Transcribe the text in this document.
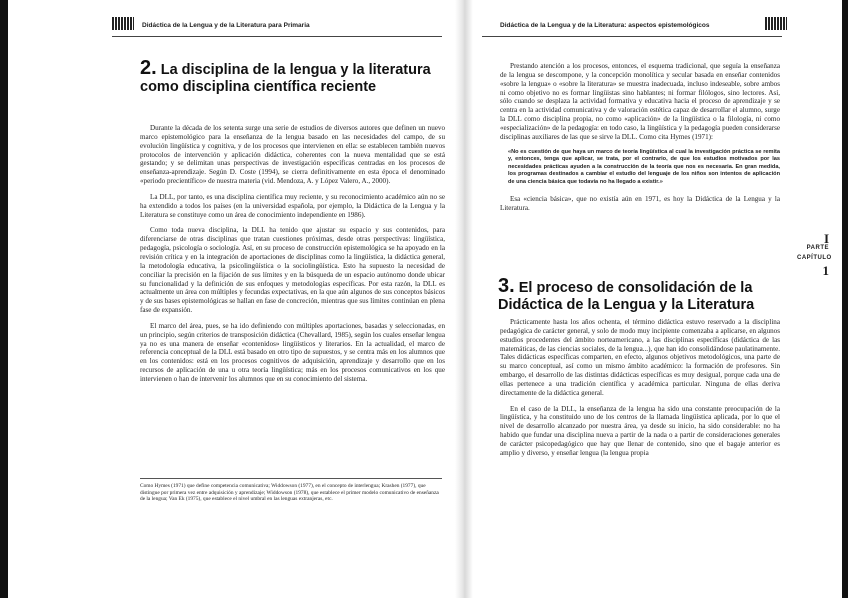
Didáctica de la Lengua y de la Literatura para Primaria
2. La disciplina de la lengua y la literatura como disciplina científica reciente

Durante la década de los setenta surge una serie de estudios de diversos autores que definen un nuevo marco epistemológico para la enseñanza de la lengua basado en las necesidades del campo, de su evolución lingüística y cognitiva, y de los procesos que intervienen en ella: se establecen también nuevos protocolos de intervención y aplicación didáctica, coherentes con la nueva mentalidad que se está gestando; y se delimitan unas perspectivas de investigación específicas centradas en los procesos de enseñanza-aprendizaje. Según D. Coste (1994), se cierra definitivamente en esta época el denominado «periodo precientífico» de nuestra materia (vid. Mendoza, A. y López Valero, A., 2000).

La DLL, por tanto, es una disciplina científica muy reciente, y su reconocimiento académico aún no se ha extendido a todos los países (en la universidad española, por ejemplo, la Didáctica de la Lengua y la Literatura se constituye como un área de conocimiento independiente en 1986).

Como toda nueva disciplina, la DLL ha tenido que ajustar su espacio y sus contenidos, para diferenciarse de otras disciplinas que tratan cuestiones próximas, desde otras perspectivas: lingüística, pedagogía, psicología o sociología. Así, en su proceso de construcción epistemológica se ha apoyado en la revisión crítica y en la integración de aportaciones de disciplinas como la lingüística, la didáctica general, la metodología educativa, la psicolingüística o la sociolingüística. Esto ha supuesto la necesidad de conciliar la precisión en la fijación de sus límites y en la búsqueda de un espacio autónomo donde ubicar su funcionalidad y la definición de sus enfoques y metodologías específicas. Por esta razón, la DLL es actualmente un área con múltiples y fecundas expectativas, en la que aún algunos de sus conceptos básicos y de sus bases epistemológicas se hallan en fase de concreción, mientras que sus límites continúan en plena fase de expansión.

El marco del área, pues, se ha ido definiendo con múltiples aportaciones, basadas y seleccionadas, en un principio, según criterios de transposición didáctica (Chevallard, 1985), según los cuales enseñar lengua ya no es una manera de enseñar «contenidos» lingüísticos y literarios. En la actualidad, el marco de referencia conceptual de la DLL está basado en otro tipo de supuestos, y se centra más en los alumnos que en los contenidos: está en los procesos cognitivos de adquisición, aprendizaje y desarrollo que en los recursos de aplicación de una u otra teoría lingüística; más en los procesos comunicativos en los que intervienen o han de intervenir los alumnos que en su conocimiento del sistema.

Como Hymes (1971) que define competencia comunicativa; Widdowson (1977), en el concepto de interlengua; Krashen (1977), que distingue por primera vez entre adquisición y aprendizaje; Widdowson (1978), que establece el primer modelo comunicativo de enseñanza de la lengua; Van Ek (1975), que establece el nivel umbral en las lenguas extranjeras, etc.
Didáctica de la Lengua y de la Literatura: aspectos epistemológicos

Prestando atención a los procesos, entonces, el esquema tradicional, que seguía la enseñanza de la lengua se descompone, y la concepción monolítica y secular basada en enseñar contenidos «sobre la lengua» o «sobre la literatura» se muestra inadecuada, incluso indeseable, sobre ambos ni como objetivo no es formar lingüistas sino hablantes; ni formar filólogos, sino lectores. Así, sólo cuando se desplaza la actividad formativa y educativa hacia el proceso de aprendizaje y se centra en la actividad comunicativa y de valoración estética capaz de desarrollar el alumno, surge la DLL como disciplina propia, no como «aplicación» de la lingüística o la filología, ni como «especialización» de la pedagogía: en todo caso, la lingüística y la pedagogía pueden considerarse disciplinas auxiliares de las que se sirve la DLL. Como cita Hymes (1971):

«No es cuestión de que haya un marco de teoría lingüística al cual la investigación práctica se remita y, entonces, tenga que aplicar, se trata, por el contrario, de que los estudios motivados por las necesidades prácticas ayuden a la construcción de la teoría que nos es necesaria. En gran medida, los programas destinados a cambiar el estudio del lenguaje de los niños son intentos de aplicación de una ciencia básica que todavía no ha llegado a existir.»

Esa «ciencia básica», que no existía aún en 1971, es hoy la Didáctica de la Lengua y la Literatura.

3. El proceso de consolidación de la Didáctica de la Lengua y la Literatura

Prácticamente hasta los años ochenta, el término didáctica estuvo reservado a la disciplina pedagógica de carácter general, y solo de modo muy incipiente comenzaba a aplicarse, en algunos estudios procedentes del ámbito norteamericano, a las disciplinas específicas (didáctica de las matemáticas, de las ciencias sociales, de la lengua...), que han ido consolidándose paulatinamente. Tales didácticas específicas comparten, en efecto, algunos objetivos metodológicos, una parte de su marco conceptual, así como un mismo ámbito académico: la formación de profesores. Sin embargo, el desarrollo de las distintas didácticas específicas es muy desigual, porque cada una de ellas pertenece a una tradición científica y académica particular. Ninguna de ellas deriva directamente de la didáctica general.

En el caso de la DLL, la enseñanza de la lengua ha sido una constante preocupación de la lingüística, y ha constituido uno de los centros de la llamada lingüística aplicada, por lo que el nivel de desarrollo alcanzado por nuestra área, ya desde su inicio, ha sido considerable: no ha habido que fundar una disciplina nueva a partir de la nada o a partir de consideraciones generales de carácter psicopedagógico que hay que llenar de contenido, sino que el bagaje anterior es amplio y diverso, y enseñar lengua (la lengua propia

PARTE
I
CAPÍTULO
1
